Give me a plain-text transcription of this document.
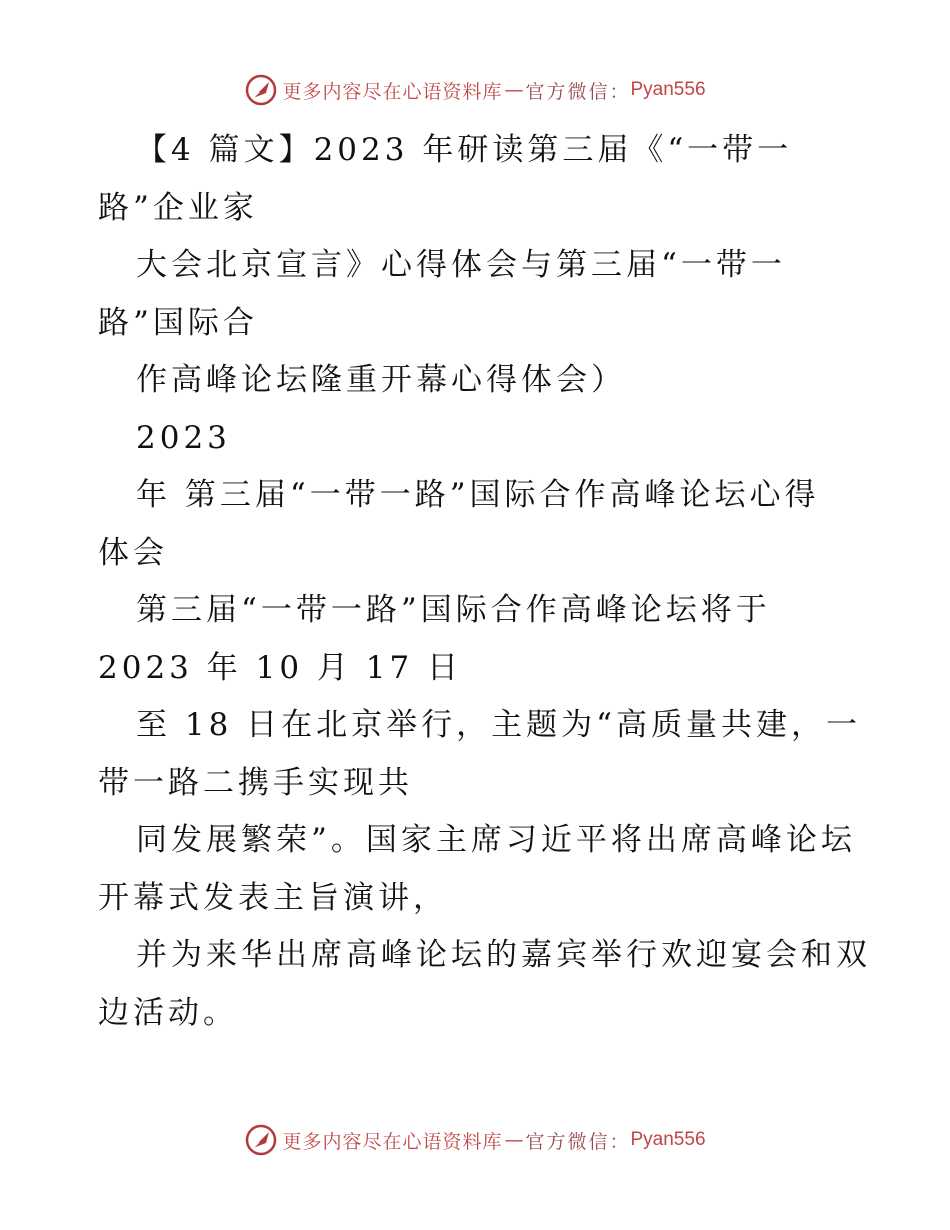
更多内容尽在心语资料库 — 官方微信： Pyan556
【4 篇文】2023 年研读第三届《“一带一
路”企业家
大会北京宣言》心得体会与第三届“一带一
路”国际合
作高峰论坛隆重开幕心得体会）
2023
年 第三届“一带一路”国际合作高峰论坛心得
体会
第三届“一带一路”国际合作高峰论坛将于
2023 年 10 月 17 日
至 18 日在北京举行，主题为“高质量共建，一
带一路二携手实现共
同发展繁荣”。国家主席习近平将出席高峰论坛
开幕式发表主旨演讲，
并为来华出席高峰论坛的嘉宾举行欢迎宴会和双
边活动。
更多内容尽在心语资料库 — 官方微信： Pyan556
